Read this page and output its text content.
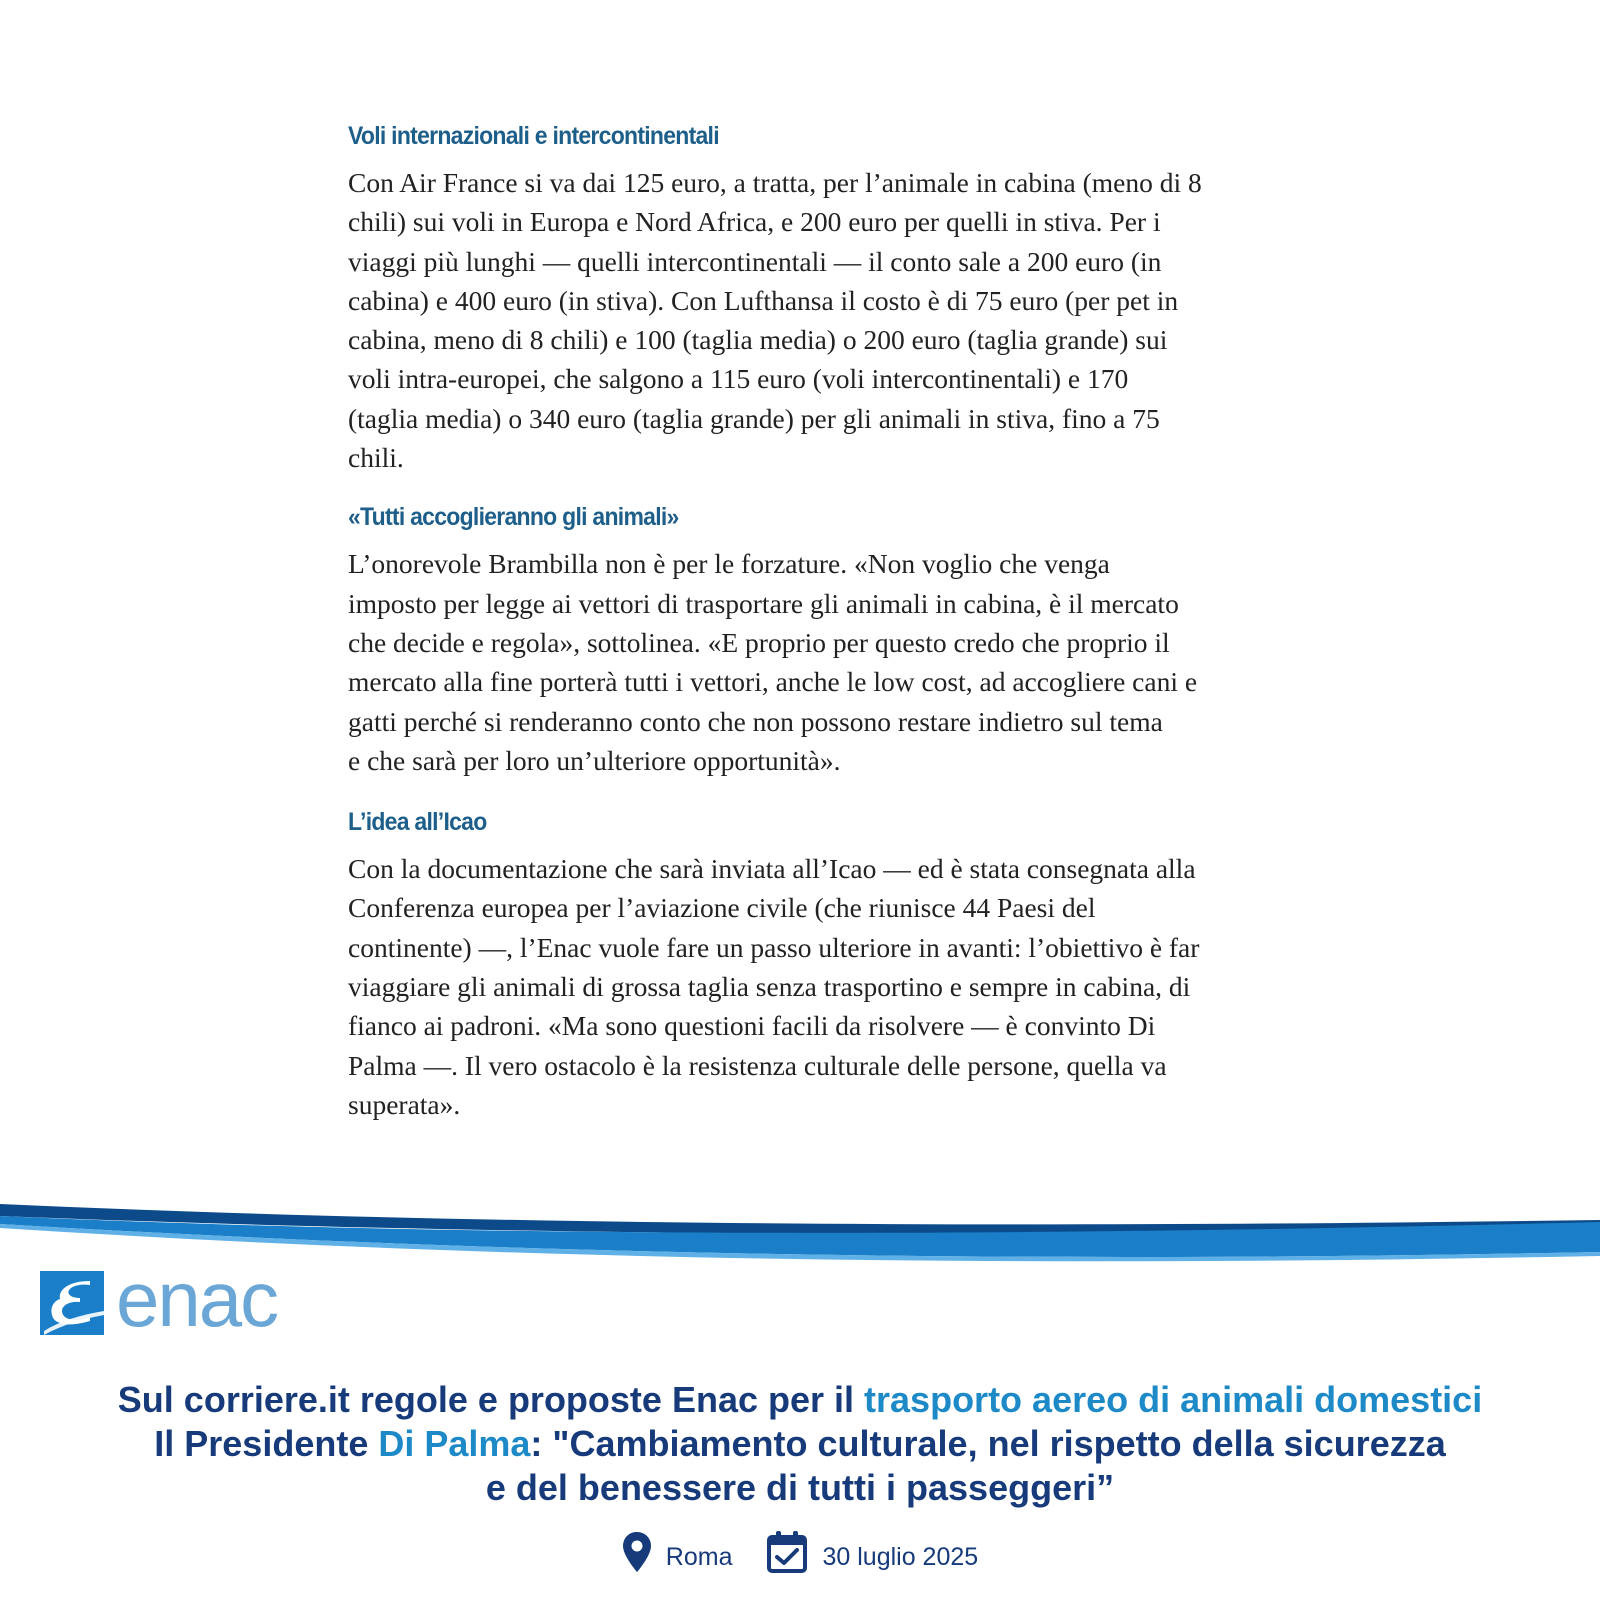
Voli internazionali e intercontinentali
Con Air France si va dai 125 euro, a tratta, per l’animale in cabina (meno di 8
chili) sui voli in Europa e Nord Africa, e 200 euro per quelli in stiva. Per i
viaggi più lunghi — quelli intercontinentali — il conto sale a 200 euro (in
cabina) e 400 euro (in stiva). Con Lufthansa il costo è di 75 euro (per pet in
cabina, meno di 8 chili) e 100 (taglia media) o 200 euro (taglia grande) sui
voli intra-europei, che salgono a 115 euro (voli intercontinentali) e 170
(taglia media) o 340 euro (taglia grande) per gli animali in stiva, fino a 75
chili.
«Tutti accoglieranno gli animali»
L’onorevole Brambilla non è per le forzature. «Non voglio che venga
imposto per legge ai vettori di trasportare gli animali in cabina, è il mercato
che decide e regola», sottolinea. «E proprio per questo credo che proprio il
mercato alla fine porterà tutti i vettori, anche le low cost, ad accogliere cani e
gatti perché si renderanno conto che non possono restare indietro sul tema
e che sarà per loro un’ulteriore opportunità».
L’idea all’Icao
Con la documentazione che sarà inviata all’Icao — ed è stata consegnata alla
Conferenza europea per l’aviazione civile (che riunisce 44 Paesi del
continente) —, l’Enac vuole fare un passo ulteriore in avanti: l’obiettivo è far
viaggiare gli animali di grossa taglia senza trasportino e sempre in cabina, di
fianco ai padroni. «Ma sono questioni facili da risolvere — è convinto Di
Palma —. Il vero ostacolo è la resistenza culturale delle persone, quella va
superata».
enac
Sul corriere.it regole e proposte Enac per il trasporto aereo di animali domestici
Il Presidente Di Palma: "Cambiamento culturale, nel rispetto della sicurezza
e del benessere di tutti i passeggeri”
Roma	30 luglio 2025
